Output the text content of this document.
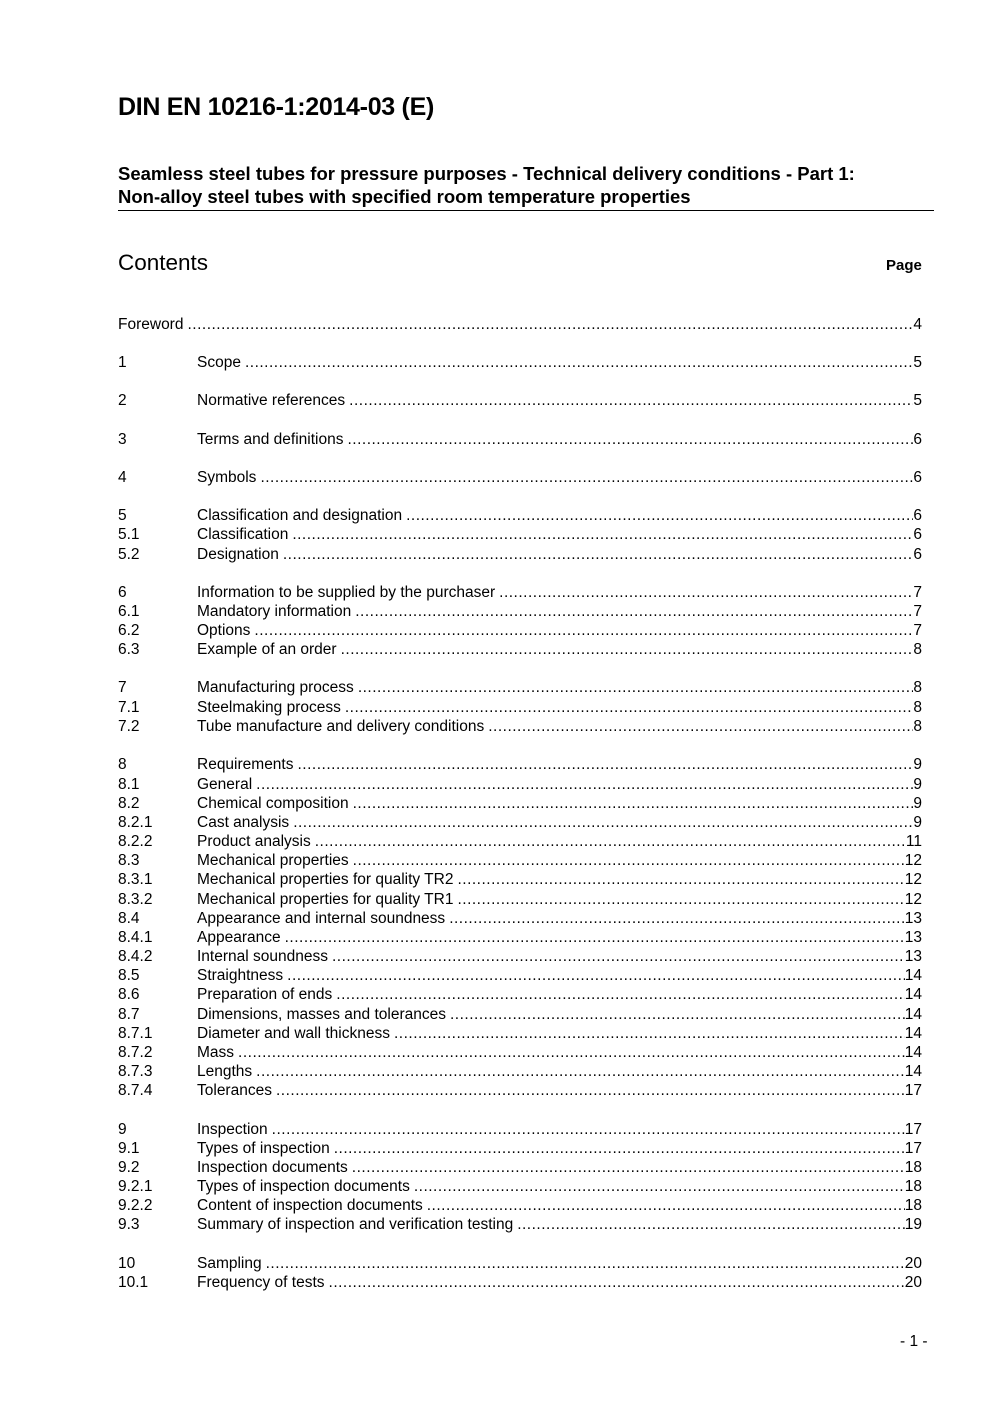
DIN EN 10216-1:2014-03 (E)
Seamless steel tubes for pressure purposes - Technical delivery conditions - Part 1:
Non-alloy steel tubes with specified room temperature properties
Contents	Page
Foreword .....	4
1	Scope .....	5
2	Normative references .....	5
3	Terms and definitions .....	6
4	Symbols .....	6
5	Classification and designation .....	6
5.1	Classification .....	6
5.2	Designation .....	6
6	Information to be supplied by the purchaser .....	7
6.1	Mandatory information .....	7
6.2	Options .....	7
6.3	Example of an order .....	8
7	Manufacturing process .....	8
7.1	Steelmaking process .....	8
7.2	Tube manufacture and delivery conditions .....	8
8	Requirements .....	9
8.1	General .....	9
8.2	Chemical composition .....	9
8.2.1	Cast analysis .....	9
8.2.2	Product analysis .....	11
8.3	Mechanical properties .....	12
8.3.1	Mechanical properties for quality TR2 .....	12
8.3.2	Mechanical properties for quality TR1 .....	12
8.4	Appearance and internal soundness .....	13
8.4.1	Appearance .....	13
8.4.2	Internal soundness .....	13
8.5	Straightness .....	14
8.6	Preparation of ends .....	14
8.7	Dimensions, masses and tolerances .....	14
8.7.1	Diameter and wall thickness .....	14
8.7.2	Mass .....	14
8.7.3	Lengths .....	14
8.7.4	Tolerances .....	17
9	Inspection .....	17
9.1	Types of inspection .....	17
9.2	Inspection documents .....	18
9.2.1	Types of inspection documents .....	18
9.2.2	Content of inspection documents .....	18
9.3	Summary of inspection and verification testing .....	19
10	Sampling .....	20
10.1	Frequency of tests .....	20
- 1 -
